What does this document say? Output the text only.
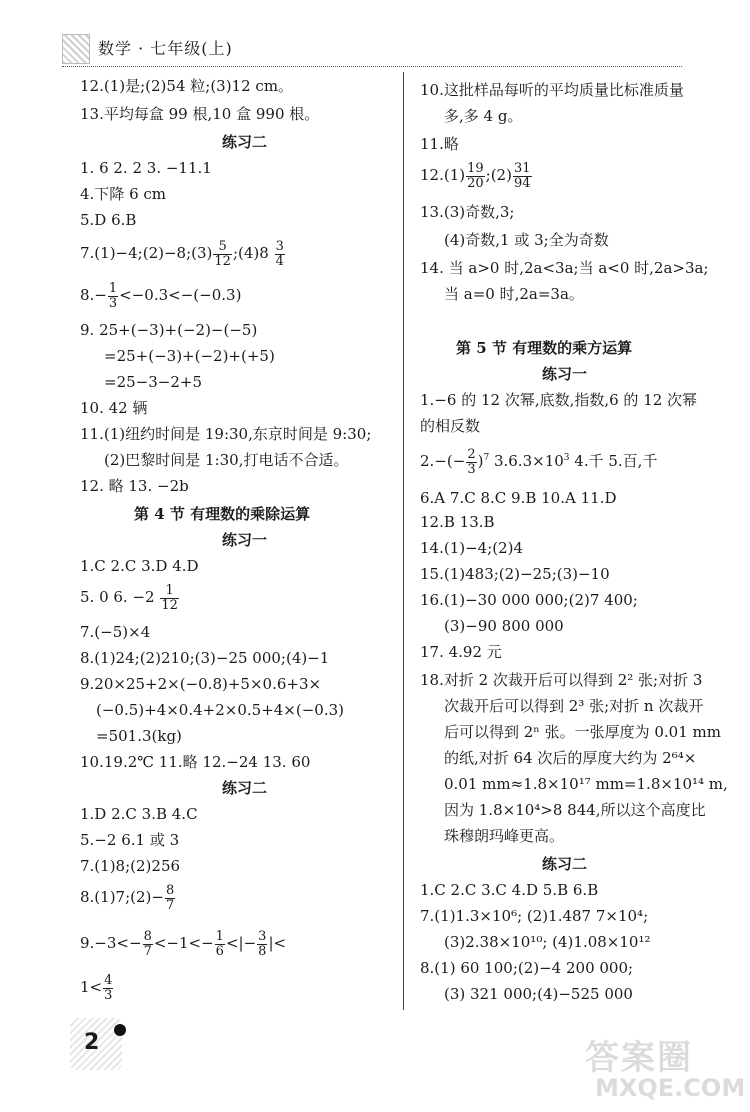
数学 · 七年级(上)
12.(1)是;(2)54 粒;(3)12 cm。
13.平均每盒 99 根,10 盒 990 根。
练习二
1. 6 2. 2 3. −11.1
4.下降 6 cm
5.D 6.B
7.(1)−4;(2)−8;(3) $\frac{5}{12}$ ;(4)8 $\frac{3}{4}$
$8.- \frac{1}{3} <-0.3<-(-0.3)$
9. 25+(−3)+(−2)−(−5)
=25+(−3)+(−2)+(+5)
=25−3−2+5
10. 42 辆
11.(1)纽约时间是 19:30,东京时间是 9:30;
(2)巴黎时间是 1:30,打电话不合适。
12. 略 13. −2b
第 4 节 有理数的乘除运算
练习一
1.C 2.C 3.D 4.D
5. 0 6. $-2 \frac{1}{12}$
7.(−5)×4
8.(1)24;(2)210;(3)−25 000;(4)−1
9.20×25+2×(−0.8)+5×0.6+3×
(−0.5)+4×0.4+2×0.5+4×(−0.3)
=501.3(kg)
10.19.2℃ 11.略 12.−24 13. 60
练习二
1.D 2.C 3.B 4.C
5.−2 6.1 或 3
7.(1)8;(2)256
8.(1)7;(2)− $\frac{8}{7}$
$9.-3<- \frac{8}{7} <-1<- \frac{1}{6}$ <|− $\frac{3}{8}$ |<
$1< \frac{4}{3}$
10.这批样品每听的平均质量比标准质量
多,多 4 g。
11.略
$12.(1) \frac{19}{20}$ ;(2) $\frac{31}{94}$
13.(3)奇数,3;
(4)奇数,1 或 3;全为奇数
14. 当 a>0 时,2a<3a;当 a<0 时,2a>3a;
当 a=0 时,2a=3a。
第 5 节 有理数的乘方运算
练习一
1.−6 的 12 次幂,底数,指数,6 的 12 次幂
的相反数
$2.-(- \frac{2}{3} )^7$ $3.6.3\times 10^3$ 4.千 5.百,千
6.A 7.C 8.C 9.B 10.A 11.D
12.B 13.B
14.(1)−4;(2)4
15.(1)483;(2)−25;(3)−10
16.(1)−30 000 000;(2)7 400;
(3)−90 800 000
17. 4.92 元
18.对折 2 次裁开后可以得到 2² 张;对折 3
次裁开后可以得到 2³ 张;对折 n 次裁开
后可以得到 2ⁿ 张。一张厚度为 0.01 mm
的纸,对折 64 次后的厚度大约为 2⁶⁴×
0.01 mm≈1.8×10¹⁷ mm=1.8×10¹⁴ m,
因为 1.8×10⁴>8 844,所以这个高度比
珠穆朗玛峰更高。
练习二
1.C 2.C 3.C 4.D 5.B 6.B
7.(1)1.3×10⁶; (2)1.487 7×10⁴;
(3)2.38×10¹⁰; (4)1.08×10¹²
8.(1) 60 100;(2)−4 200 000;
(3) 321 000;(4)−525 000
2	答案圈
MXQE.COM
